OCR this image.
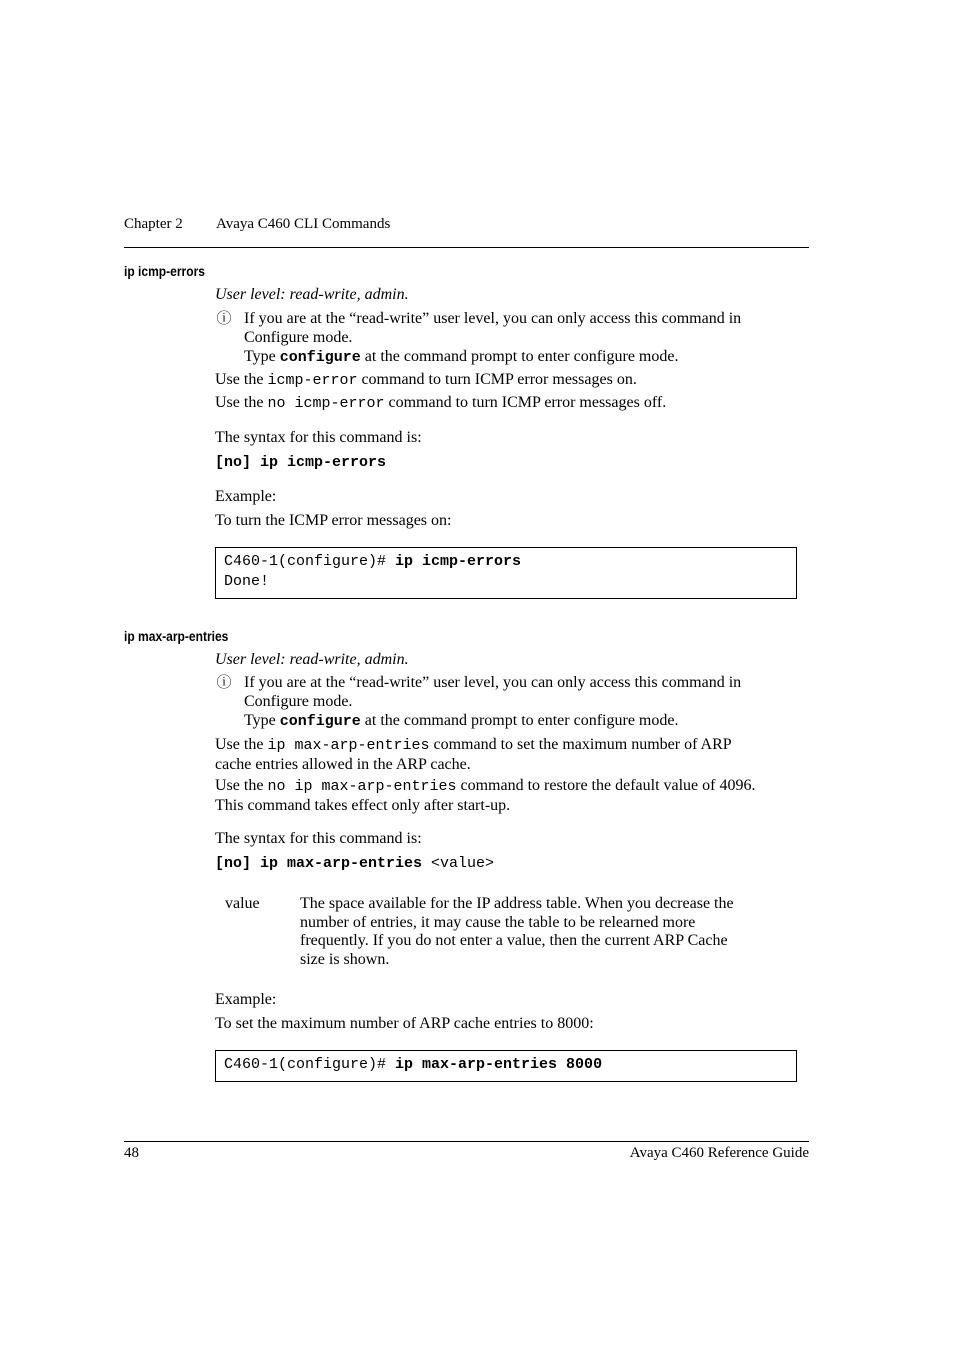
Chapter 2 Avaya C460 CLI Commands
ip icmp-errors
User level: read-write, admin.
ⓘ If you are at the “read-write” user level, you can only access this command in
Configure mode.
Type configure at the command prompt to enter configure mode.
Use the icmp-error command to turn ICMP error messages on.
Use the no icmp-error command to turn ICMP error messages off.
The syntax for this command is:
[no] ip icmp-errors
Example:
To turn the ICMP error messages on:
C460-1(configure)# ip icmp-errors
Done!
ip max-arp-entries
User level: read-write, admin.
ⓘ If you are at the “read-write” user level, you can only access this command in
Configure mode.
Type configure at the command prompt to enter configure mode.
Use the ip max-arp-entries command to set the maximum number of ARP
cache entries allowed in the ARP cache.
Use the no ip max-arp-entries command to restore the default value of 4096.
This command takes effect only after start-up.
The syntax for this command is:
[no] ip max-arp-entries <value>
value	The space available for the IP address table. When you decrease the
number of entries, it may cause the table to be relearned more
frequently. If you do not enter a value, then the current ARP Cache
size is shown.
Example:
To set the maximum number of ARP cache entries to 8000:
C460-1(configure)# ip max-arp-entries 8000
48	Avaya C460 Reference Guide
